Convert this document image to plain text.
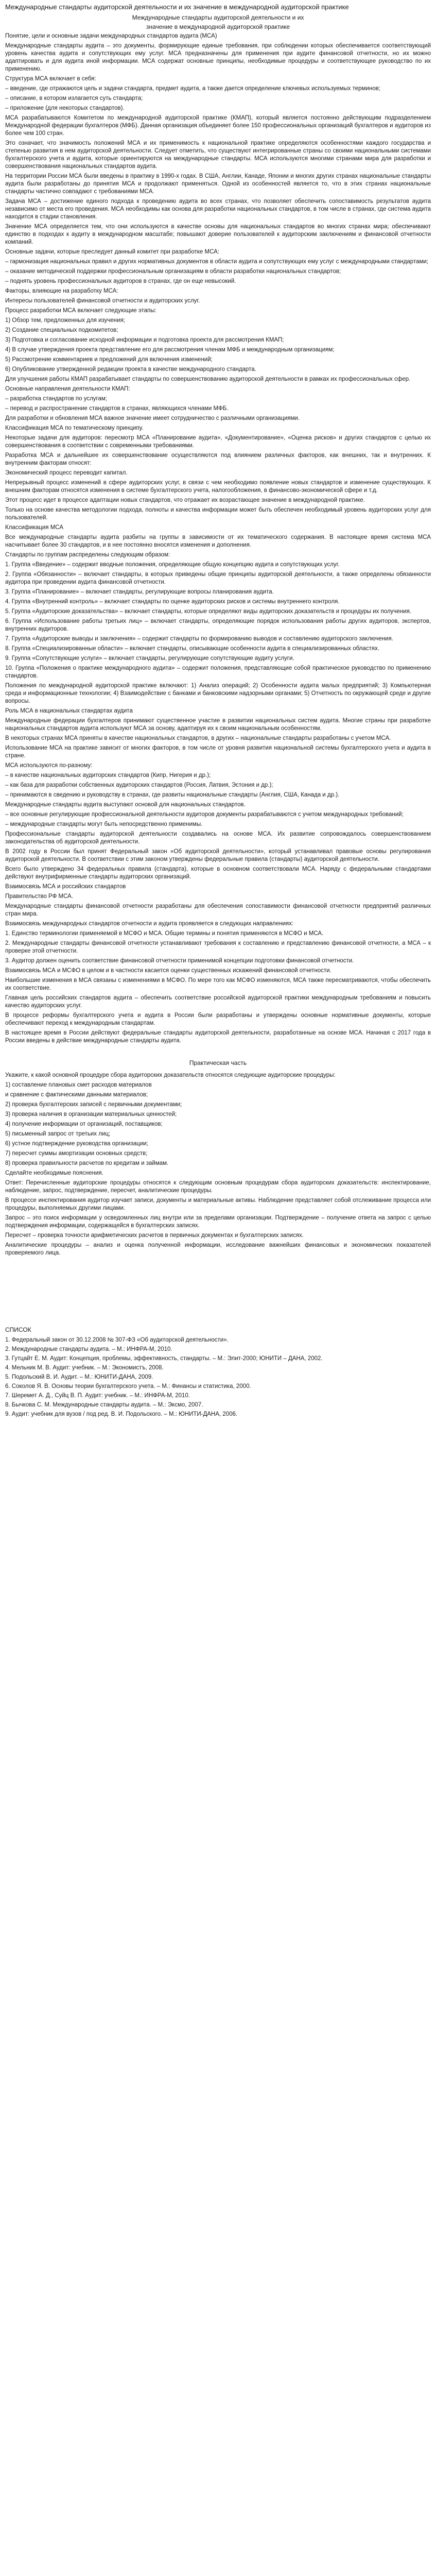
Международные стандарты аудиторской деятельности и их значение в международной аудиторской практике
Международные стандарты аудиторской деятельности и их
значение в международной аудиторской практике
Понятие, цели и основные задачи международных стандартов аудита (МСА)
Международные стандарты аудита – это документы, формирующие единые требования, при соблюдении которых обеспечивается соответствующий уровень качества аудита и сопутствующих ему услуг. МСА предназначены для применения при аудите финансовой отчетности, но их можно адаптировать и для аудита иной информации. МСА содержат основные принципы, необходимые процедуры и соответствующее руководство по их применению.
Структура МСА включает в себя:
– введение, где отражаются цель и задачи стандарта, предмет аудита, а также дается определение ключевых используемых терминов;
– описание, в котором излагается суть стандарта;
– приложение (для некоторых стандартов).
МСА разрабатываются Комитетом по международной аудиторской практике (КМАП), который является постоянно действующим подразделением Международной федерации бухгалтеров (МФБ). Данная организация объединяет более 150 профессиональных организаций бухгалтеров и аудиторов из более чем 100 стран.
Это означает, что значимость положений МСА и их применимость к национальной практике определяются особенностями каждого государства и степенью развития в нем аудиторской деятельности. Следует отметить, что существуют интегрированные страны со своими национальными системами бухгалтерского учета и аудита, которые ориентируются на международные стандарты. МСА используются многими странами мира для разработки и совершенствования национальных стандартов аудита.
На территории России МСА были введены в практику в 1990-х годах. В США, Англии, Канаде, Японии и многих других странах национальные стандарты аудита были разработаны до принятия МСА и продолжают применяться. Одной из особенностей является то, что в этих странах национальные стандарты частично совпадают с требованиями МСА.
Задача МСА – достижение единого подхода к проведению аудита во всех странах, что позволяет обеспечить сопоставимость результатов аудита независимо от места его проведения. МСА необходимы как основа для разработки национальных стандартов, в том числе в странах, где система аудита находится в стадии становления.
Значение МСА определяется тем, что они используются в качестве основы для национальных стандартов во многих странах мира; обеспечивают единство в подходах к аудиту в международном масштабе; повышают доверие пользователей к аудиторским заключениям и финансовой отчетности компаний.
Основные задачи, которые преследует данный комитет при разработке МСА:
– гармонизация национальных правил и других нормативных документов в области аудита и сопутствующих ему услуг с международными стандартами;
– оказание методической поддержки профессиональным организациям в области разработки национальных стандартов;
– поднять уровень профессиональных аудиторов в странах, где он еще невысокий.
Факторы, влияющие на разработку МСА:
Интересы пользователей финансовой отчетности и аудиторских услуг.
Процесс разработки МСА включает следующие этапы:
1) Обзор тем, предложенных для изучения;
2) Создание специальных подкомитетов;
3) Подготовка и согласование исходной информации и подготовка проекта для рассмотрения КМАП;
4) В случае утверждения проекта представление его для рассмотрения членам МФБ и международным организациям;
5) Рассмотрение комментариев и предложений для включения изменений;
6) Опубликование утвержденной редакции проекта в качестве международного стандарта.
Для улучшения работы КМАП разрабатывает стандарты по совершенствованию аудиторской деятельности в рамках их профессиональных сфер.
Основные направления деятельности КМАП:
– разработка стандартов по услугам;
– перевод и распространение стандартов в странах, являющихся членами МФБ.
Для разработки и обновления МСА важное значение имеет сотрудничество с различными организациями.
Классификация МСА по тематическому принципу.
Некоторые задачи для аудиторов: пересмотр МСА «Планирование аудита», «Документирование», «Оценка рисков» и других стандартов с целью их совершенствования в соответствии с современными требованиями.
Разработка МСА и дальнейшее их совершенствование осуществляются под влиянием различных факторов, как внешних, так и внутренних. К внутренним факторам относят:
Экономический процесс переводит капитал.
Непрерывный процесс изменений в сфере аудиторских услуг, в связи с чем необходимо появление новых стандартов и изменение существующих. К внешним факторам относятся изменения в системе бухгалтерского учета, налогообложения, в финансово-экономической сфере и т.д.
Этот процесс идет в процессе адаптации новых стандартов, что отражает их возрастающее значение в международной практике.
Только на основе качества методологии подхода, полноты и качества информации может быть обеспечен необходимый уровень аудиторских услуг для пользователей.
Классификация МСА
Все международные стандарты аудита разбиты на группы в зависимости от их тематического содержания. В настоящее время система МСА насчитывает более 30 стандартов, и в нее постоянно вносятся изменения и дополнения.
Стандарты по группам распределены следующим образом:
1. Группа «Введение» – содержит вводные положения, определяющие общую концепцию аудита и сопутствующих услуг.
2. Группа «Обязанности» – включает стандарты, в которых приведены общие принципы аудиторской деятельности, а также определены обязанности аудитора при проведении аудита финансовой отчетности.
3. Группа «Планирование» – включает стандарты, регулирующие вопросы планирования аудита.
4. Группа «Внутренний контроль» – включает стандарты по оценке аудиторских рисков и системы внутреннего контроля.
5. Группа «Аудиторские доказательства» – включает стандарты, которые определяют виды аудиторских доказательств и процедуры их получения.
6. Группа «Использование работы третьих лиц» – включает стандарты, определяющие порядок использования работы других аудиторов, экспертов, внутренних аудиторов.
7. Группа «Аудиторские выводы и заключения» – содержит стандарты по формированию выводов и составлению аудиторского заключения.
8. Группа «Специализированные области» – включает стандарты, описывающие особенности аудита в специализированных областях.
9. Группа «Сопутствующие услуги» – включает стандарты, регулирующие сопутствующие аудиту услуги.
10. Группа «Положения о практике международного аудита» – содержит положения, представляющие собой практическое руководство по применению стандартов.
Положения по международной аудиторской практике включают: 1) Анализ операций; 2) Особенности аудита малых предприятий; 3) Компьютерная среда и информационные технологии; 4) Взаимодействие с банками и банковскими надзорными органами; 5) Отчетность по окружающей среде и другие вопросы.
Роль МСА в национальных стандартах аудита
Международные федерации бухгалтеров принимают существенное участие в развитии национальных систем аудита. Многие страны при разработке национальных стандартов аудита используют МСА за основу, адаптируя их к своим национальным особенностям.
В некоторых странах МСА приняты в качестве национальных стандартов, в других – национальные стандарты разработаны с учетом МСА.
Использование МСА на практике зависит от многих факторов, в том числе от уровня развития национальной системы бухгалтерского учета и аудита в стране.
МСА используются по-разному:
– в качестве национальных аудиторских стандартов (Кипр, Нигерия и др.);
– как база для разработки собственных аудиторских стандартов (Россия, Латвия, Эстония и др.);
– принимаются в сведению и руководству в странах, где развиты национальные стандарты (Англия, США, Канада и др.).
Международные стандарты аудита выступают основой для национальных стандартов.
– все основные регулирующие профессиональной деятельности аудиторов документы разрабатываются с учетом международных требований;
– международные стандарты могут быть непосредственно применимы.
Профессиональные стандарты аудиторской деятельности создавались на основе МСА. Их развитие сопровождалось совершенствованием законодательства об аудиторской деятельности.
В 2002 году в России был принят Федеральный закон «Об аудиторской деятельности», который устанавливал правовые основы регулирования аудиторской деятельности. В соответствии с этим законом утверждены федеральные правила (стандарты) аудиторской деятельности.
Всего было утверждено 34 федеральных правила (стандарта), которые в основном соответствовали МСА. Наряду с федеральными стандартами действуют внутрифирменные стандарты аудиторских организаций.
Взаимосвязь МСА и российских стандартов
Правительство РФ МСА.
Международные стандарты финансовой отчетности разработаны для обеспечения сопоставимости финансовой отчетности предприятий различных стран мира.
Взаимосвязь международных стандартов отчетности и аудита проявляется в следующих направлениях:
1. Единство терминологии применяемой в МСФО и МСА. Общие термины и понятия применяются в МСФО и МСА.
2. Международные стандарты финансовой отчетности устанавливают требования к составлению и представлению финансовой отчетности, а МСА – к проверке этой отчетности.
3. Аудитор должен оценить соответствие финансовой отчетности применимой концепции подготовки финансовой отчетности.
Взаимосвязь МСА и МСФО в целом и в частности касается оценки существенных искажений финансовой отчетности.
Наибольшие изменения в МСА связаны с изменениями в МСФО. По мере того как МСФО изменяются, МСА также пересматриваются, чтобы обеспечить их соответствие.
Главная цель российских стандартов аудита – обеспечить соответствие российской аудиторской практики международным требованиям и повысить качество аудиторских услуг.
В процессе реформы бухгалтерского учета и аудита в России были разработаны и утверждены основные нормативные документы, которые обеспечивают переход к международным стандартам.
В настоящее время в России действуют федеральные стандарты аудиторской деятельности, разработанные на основе МСА. Начиная с 2017 года в России введены в действие международные стандарты аудита.
Практическая часть
Укажите, к какой основной процедуре сбора аудиторских доказательств относятся следующие аудиторские процедуры:
1) составление плановых смет расходов материалов
и сравнение с фактическими данными материалов;
2) проверка бухгалтерских записей с первичными документами;
3) проверка наличия в организации материальных ценностей;
4) получение информации от организаций, поставщиков;
5) письменный запрос от третьих лиц;
6) устное подтверждение руководства организации;
7) пересчет суммы амортизации основных средств;
8) проверка правильности расчетов по кредитам и займам.
Сделайте необходимые пояснения.
Ответ: Перечисленные аудиторские процедуры относятся к следующим основным процедурам сбора аудиторских доказательств: инспектирование, наблюдение, запрос, подтверждение, пересчет, аналитические процедуры.
В процессе инспектирования аудитор изучает записи, документы и материальные активы. Наблюдение представляет собой отслеживание процесса или процедуры, выполняемых другими лицами.
Запрос – это поиск информации у осведомленных лиц внутри или за пределами организации. Подтверждение – получение ответа на запрос с целью подтверждения информации, содержащейся в бухгалтерских записях.
Пересчет – проверка точности арифметических расчетов в первичных документах и бухгалтерских записях.
Аналитические процедуры – анализ и оценка полученной информации, исследование важнейших финансовых и экономических показателей проверяемого лица.
СПИСОК
1. Федеральный закон от 30.12.2008 № 307-ФЗ «Об аудиторской деятельности».
2. Международные стандарты аудита. – М.: ИНФРА-М, 2010.
3. Гутцайт Е. М. Аудит: Концепция, проблемы, эффективность, стандарты. – М.: Элит-2000; ЮНИТИ – ДАНА, 2002.
4. Мельник М. В. Аудит: учебник. – М.: Экономистъ, 2008.
5. Подольский В. И. Аудит. – М.: ЮНИТИ-ДАНА, 2009.
6. Соколов Я. В. Основы теории бухгалтерского учета. – М.: Финансы и статистика, 2000.
7. Шеремет А. Д., Суйц В. П. Аудит: учебник. – М.: ИНФРА-М, 2010.
8. Бычкова С. М. Международные стандарты аудита. – М.: Эксмо, 2007.
9. Аудит: учебник для вузов / под ред. В. И. Подольского. – М.: ЮНИТИ-ДАНА, 2006.
